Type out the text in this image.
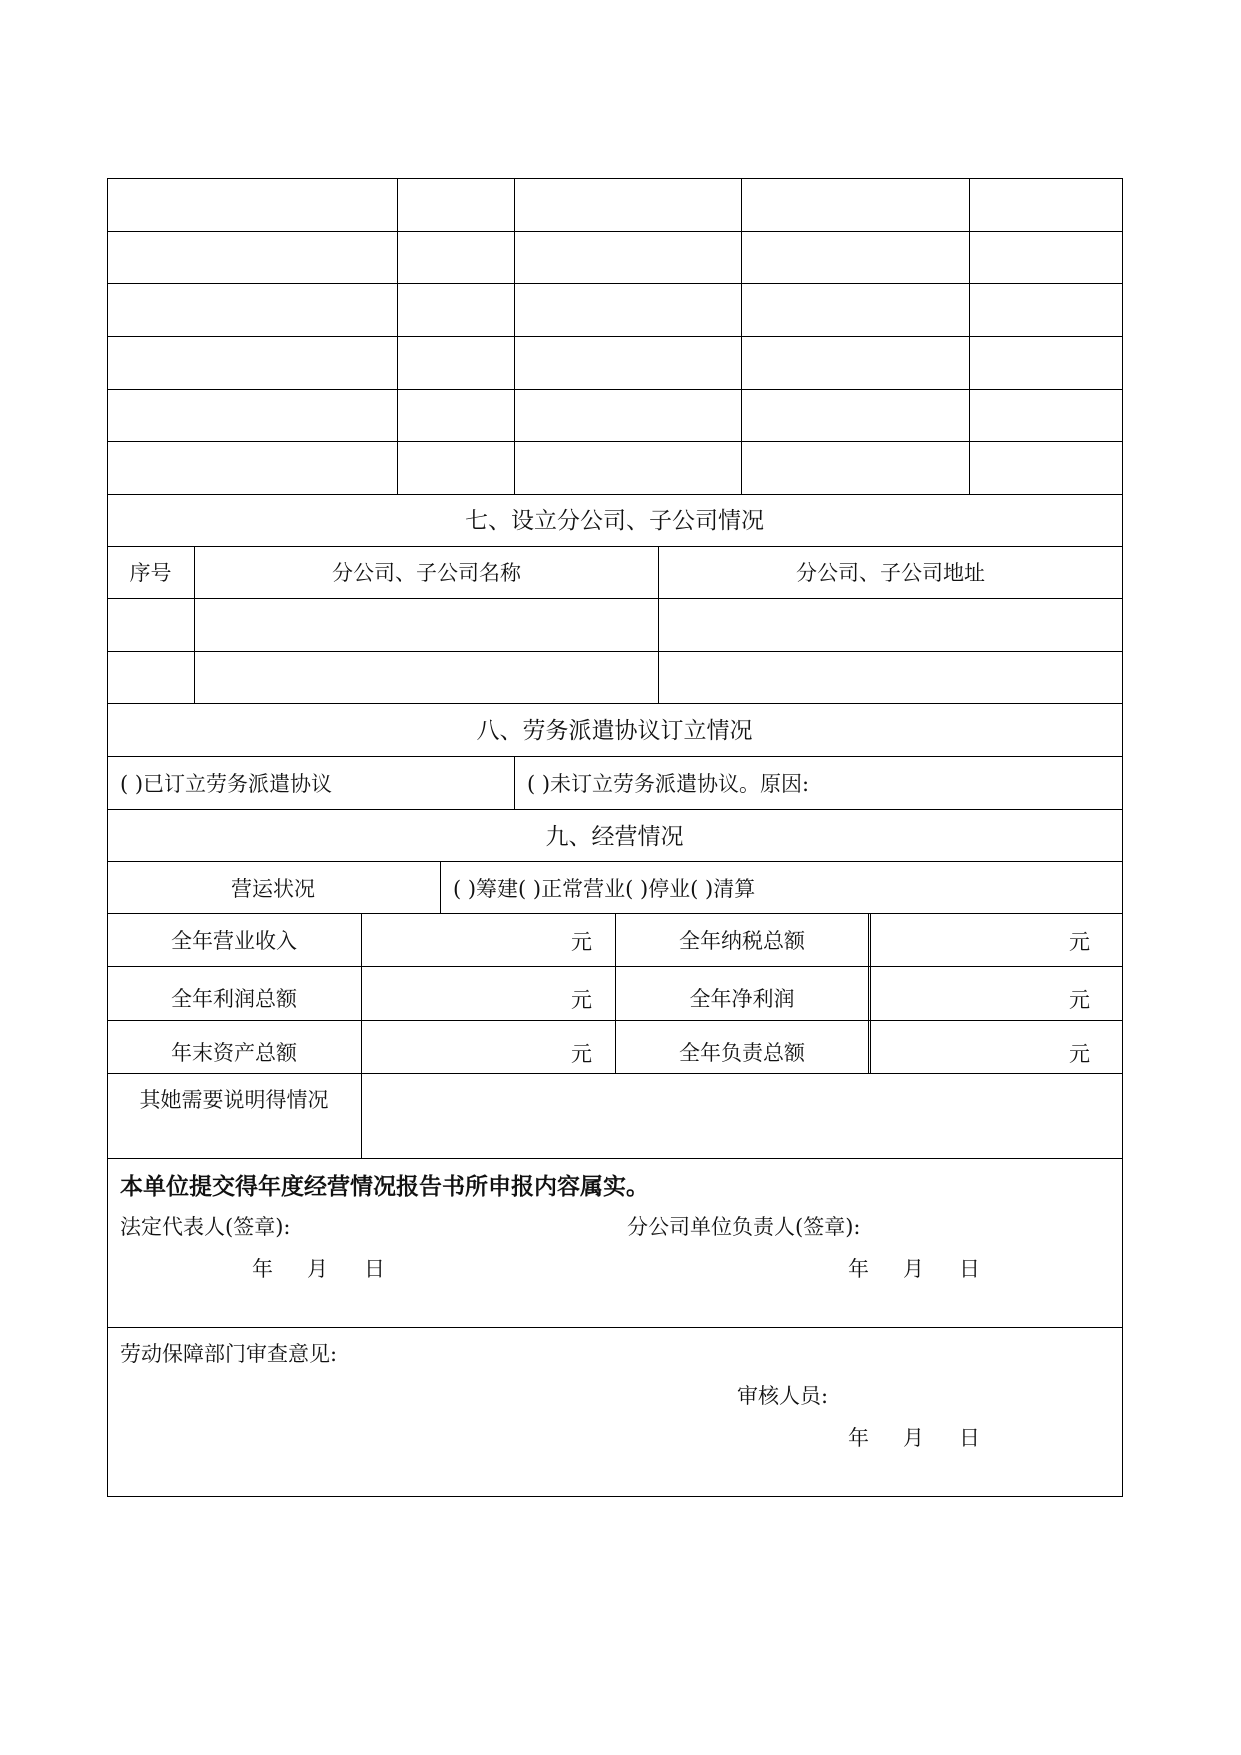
七、设立分公司、子公司情况
序号	分公司、子公司名称	分公司、子公司地址
八、劳务派遣协议订立情况
( )已订立劳务派遣协议	( )未订立劳务派遣协议。原因:
九、经营情况
营运状况	( )筹建( )正常营业( )停业( )清算
全年营业收入	元	全年纳税总额	元
全年利润总额	元	全年净利润	元
年末资产总额	元	全年负责总额	元
其她需要说明得情况
本单位提交得年度经营情况报告书所申报内容属实。
法定代表人(签章):	分公司单位负责人(签章):
年 月 日	年 月 日
劳动保障部门审查意见:
审核人员:
年 月 日
